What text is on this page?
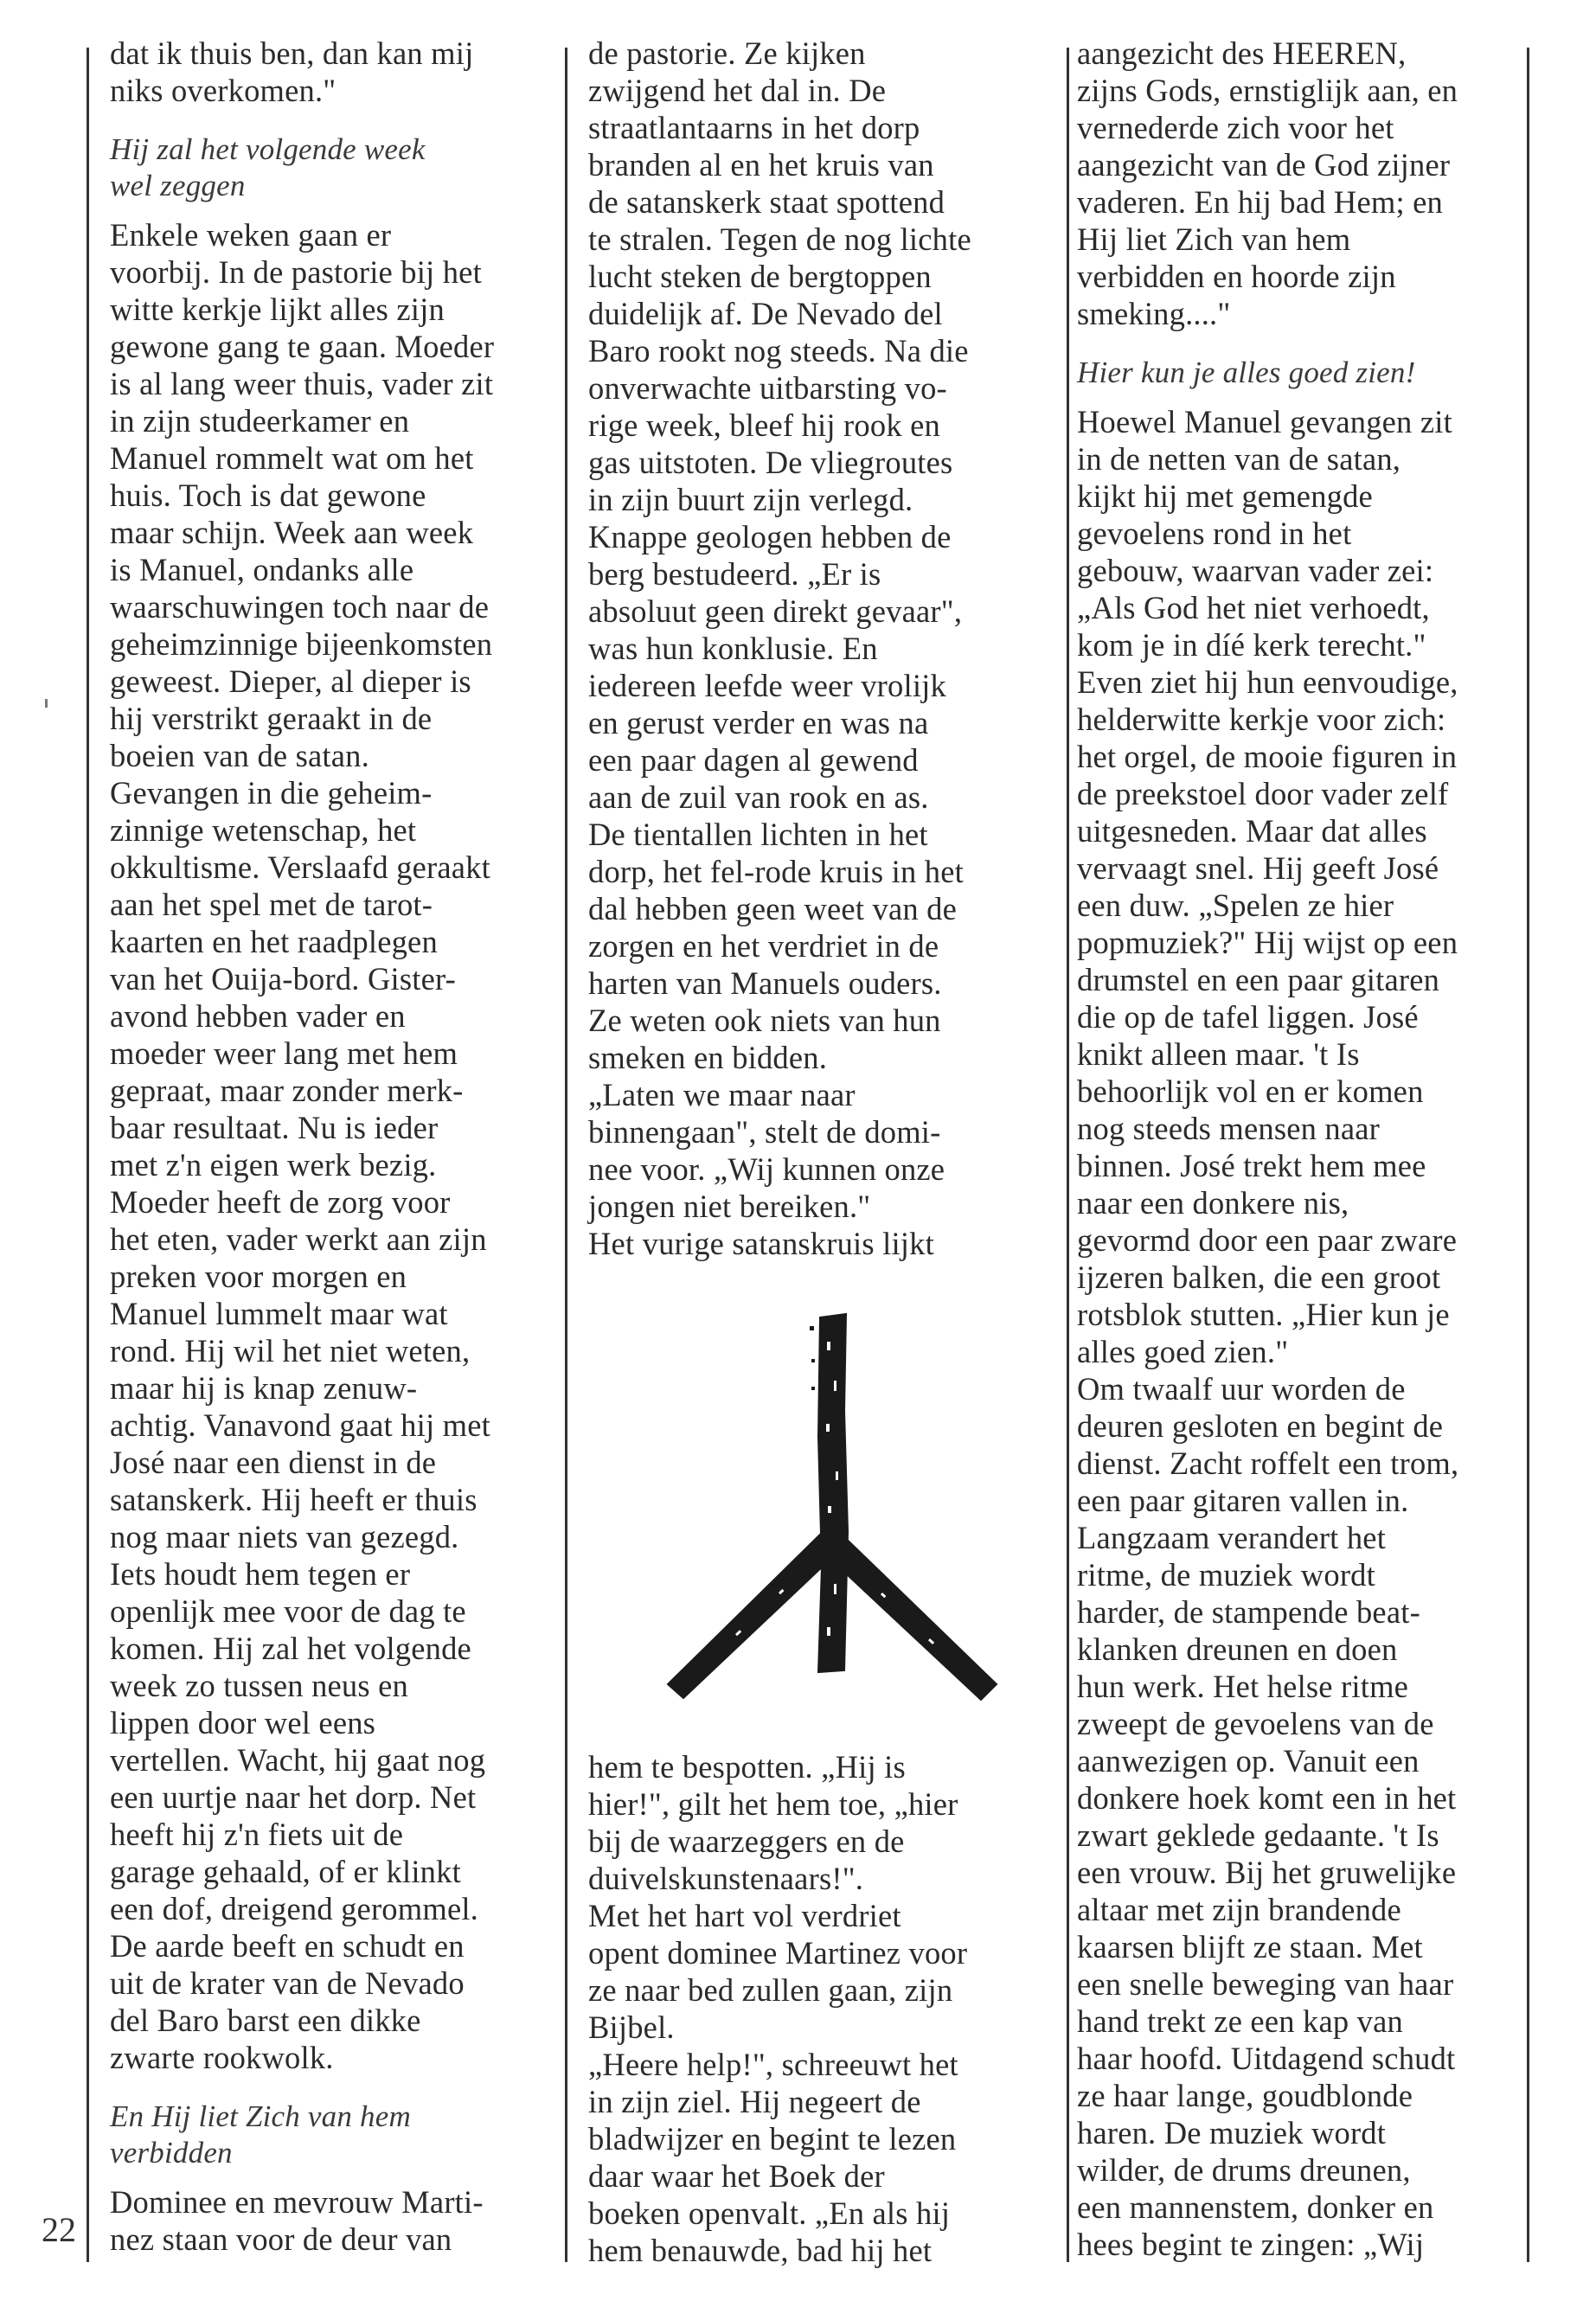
dat ik thuis ben, dan kan mij
niks overkomen."

Hij zal het volgende week
wel zeggen

Enkele weken gaan er
voorbij. In de pastorie bij het
witte kerkje lijkt alles zijn
gewone gang te gaan. Moeder
is al lang weer thuis, vader zit
in zijn studeerkamer en
Manuel rommelt wat om het
huis. Toch is dat gewone
maar schijn. Week aan week
is Manuel, ondanks alle
waarschuwingen toch naar de
geheimzinnige bijeenkomsten
geweest. Dieper, al dieper is
hij verstrikt geraakt in de
boeien van de satan.
Gevangen in die geheim-
zinnige wetenschap, het
okkultisme. Verslaafd geraakt
aan het spel met de tarot-
kaarten en het raadplegen
van het Ouija-bord. Gister-
avond hebben vader en
moeder weer lang met hem
gepraat, maar zonder merk-
baar resultaat. Nu is ieder
met z'n eigen werk bezig.
Moeder heeft de zorg voor
het eten, vader werkt aan zijn
preken voor morgen en
Manuel lummelt maar wat
rond. Hij wil het niet weten,
maar hij is knap zenuw-
achtig. Vanavond gaat hij met
José naar een dienst in de
satanskerk. Hij heeft er thuis
nog maar niets van gezegd.
Iets houdt hem tegen er
openlijk mee voor de dag te
komen. Hij zal het volgende
week zo tussen neus en
lippen door wel eens
vertellen. Wacht, hij gaat nog
een uurtje naar het dorp. Net
heeft hij z'n fiets uit de
garage gehaald, of er klinkt
een dof, dreigend gerommel.
De aarde beeft en schudt en
uit de krater van de Nevado
del Baro barst een dikke
zwarte rookwolk.

En Hij liet Zich van hem
verbidden

Dominee en mevrouw Marti-
nez staan voor de deur van

de pastorie. Ze kijken
zwijgend het dal in. De
straatlantaarns in het dorp
branden al en het kruis van
de satanskerk staat spottend
te stralen. Tegen de nog lichte
lucht steken de bergtoppen
duidelijk af. De Nevado del
Baro rookt nog steeds. Na die
onverwachte uitbarsting vo-
rige week, bleef hij rook en
gas uitstoten. De vliegroutes
in zijn buurt zijn verlegd.
Knappe geologen hebben de
berg bestudeerd. „Er is
absoluut geen direkt gevaar",
was hun konklusie. En
iedereen leefde weer vrolijk
en gerust verder en was na
een paar dagen al gewend
aan de zuil van rook en as.
De tientallen lichten in het
dorp, het fel-rode kruis in het
dal hebben geen weet van de
zorgen en het verdriet in de
harten van Manuels ouders.
Ze weten ook niets van hun
smeken en bidden.
„Laten we maar naar
binnengaan", stelt de domi-
nee voor. „Wij kunnen onze
jongen niet bereiken."
Het vurige satanskruis lijkt

hem te bespotten. „Hij is
hier!", gilt het hem toe, „hier
bij de waarzeggers en de
duivelskunstenaars!".
Met het hart vol verdriet
opent dominee Martinez voor
ze naar bed zullen gaan, zijn
Bijbel.
„Heere help!", schreeuwt het
in zijn ziel. Hij negeert de
bladwijzer en begint te lezen
daar waar het Boek der
boeken openvalt. „En als hij
hem benauwde, bad hij het

aangezicht des HEEREN,
zijns Gods, ernstiglijk aan, en
vernederde zich voor het
aangezicht van de God zijner
vaderen. En hij bad Hem; en
Hij liet Zich van hem
verbidden en hoorde zijn
smeking...."

Hier kun je alles goed zien!

Hoewel Manuel gevangen zit
in de netten van de satan,
kijkt hij met gemengde
gevoelens rond in het
gebouw, waarvan vader zei:
„Als God het niet verhoedt,
kom je in díé kerk terecht."
Even ziet hij hun eenvoudige,
helderwitte kerkje voor zich:
het orgel, de mooie figuren in
de preekstoel door vader zelf
uitgesneden. Maar dat alles
vervaagt snel. Hij geeft José
een duw. „Spelen ze hier
popmuziek?" Hij wijst op een
drumstel en een paar gitaren
die op de tafel liggen. José
knikt alleen maar. 't Is
behoorlijk vol en er komen
nog steeds mensen naar
binnen. José trekt hem mee
naar een donkere nis,
gevormd door een paar zware
ijzeren balken, die een groot
rotsblok stutten. „Hier kun je
alles goed zien."
Om twaalf uur worden de
deuren gesloten en begint de
dienst. Zacht roffelt een trom,
een paar gitaren vallen in.
Langzaam verandert het
ritme, de muziek wordt
harder, de stampende beat-
klanken dreunen en doen
hun werk. Het helse ritme
zweept de gevoelens van de
aanwezigen op. Vanuit een
donkere hoek komt een in het
zwart geklede gedaante. 't Is
een vrouw. Bij het gruwelijke
altaar met zijn brandende
kaarsen blijft ze staan. Met
een snelle beweging van haar
hand trekt ze een kap van
haar hoofd. Uitdagend schudt
ze haar lange, goudblonde
haren. De muziek wordt
wilder, de drums dreunen,
een mannenstem, donker en
hees begint te zingen: „Wij

22
